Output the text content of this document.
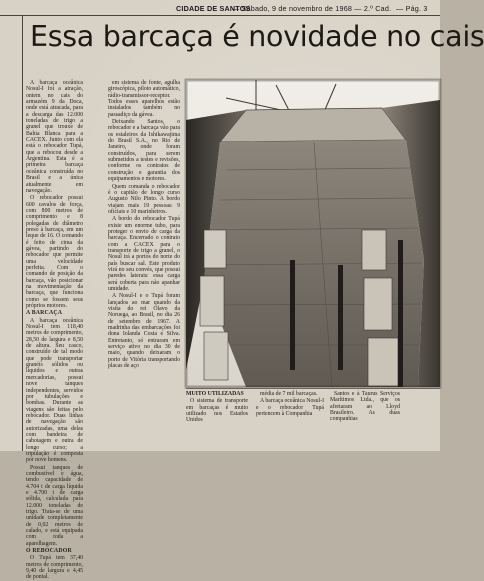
CIDADE DE SANTOS
— Sábado, 9 de novembro de 1968 — 2.º Cad. — Pág. 3
Essa barcaça é novidade no cais

A barcaça oceânica Nosul-I foi a atração, ontem no cais do armazém 9 da Doca, onde está atracada, para a descarga das 12.000 toneladas de trigo a granel que trouxe de Bahia Blanca para a CACEX. Junto com ela está o rebocador Tupá, que a rebocou desde a Argentina. Esta é a primeira barcaça oceânica construída no Brasil e a única atualmente em navegação.

O rebocador possui 600 cavalos de força, com 800 metros de comprimento e 8 polegadas de diâmetro preso à barcaça, em um leque de 16. O comando é feito de cima da gávea, partindo do rebocador que permite uma velocidade perfeita. Com o comando de posição da barcaça, vão posicionar na movimentação da barcaça, que funciona como se fossem seus próprios motores.

A BARCAÇA

A barcaça oceânica Nosul-I tem 118,40 metros de comprimento, 28,50 de largura e 8,50 de altura. Seu casco, construído de tal modo que pode transportar granéis sólidos ou líquidos e outras mercadorias, possui nove tanques independentes, servidos por tubulações e bombas. Durante as viagens são feitas pelo rebocador. Duas linhas de navegação são autorizadas, uma delas com bandeira de cabotagem e outra de longo curso; a tripulação é composta por nove homens.

Possui tanques de combustível e água, tendo capacidade de 4.704 t de carga líquida e 4.700 t de carga sólida, calculada para 12.000 toneladas de trigo. Trata-se de uma unidade completamente de 0,02 metros de calado, e está equipada com toda a aparelhagem.

O REBOCADOR

O Tupá tem 37,40 metros de comprimento, 9,40 de largura e 4,45 de pontal.

em sistema de fonte, agulha giroscópica, piloto automático, rádio-transmissor-receptor. Todos esses aparelhos estão instalados também no passadiço da gávea.

Deixando Santos, o rebocador e a barcaça vão para os estaleiros da Ishikawajima do Brasil S.A., no Rio de Janeiro, onde foram construídos, para serem submetidos a testes e revisões, conforme os contratos de construção e garantia dos equipamentos e motores.

Quem comanda o rebocador é o capitão de longo curso Augusto Nilo Pinto. A bordo viajam mais 19 pessoas: 9 oficiais e 10 marinheiros.

A bordo do rebocador Tupá existe um enorme tubo, para proteger o envio de carga da barcaça. Encerrado o contrato com a CACEX para o transporte de trigo a granel, o Nosul irá a portos do norte do país buscar sal. Este produto virá no seu convés, que possui paredes laterais: essa carga será coberta para não apanhar umidade.

A Nosul-I e o Tupá foram lançados ao mar quando da visita do rei Olavo da Noruega, ao Brasil, no dia 26 de setembro de 1967. A madrinha das embarcações foi dona Iolanda Costa e Silva. Entretanto, só entraram em serviço ativo no dia 30 de maio, quando deixaram o porto de Vitória transportando placas de aço

MUITO UTILIZADAS

O sistema de transporte em barcaças é muito utilizado nos Estados Unidos

média de 7 mil barcaças.

A barcaça oceânica Nosul-I e o rebocador Tupá pertencem à Companhia

Santos e à Taurus Serviços Marítimos Ltda., que os afretaram ao Lloyd Brasileiro. As duas companhias
